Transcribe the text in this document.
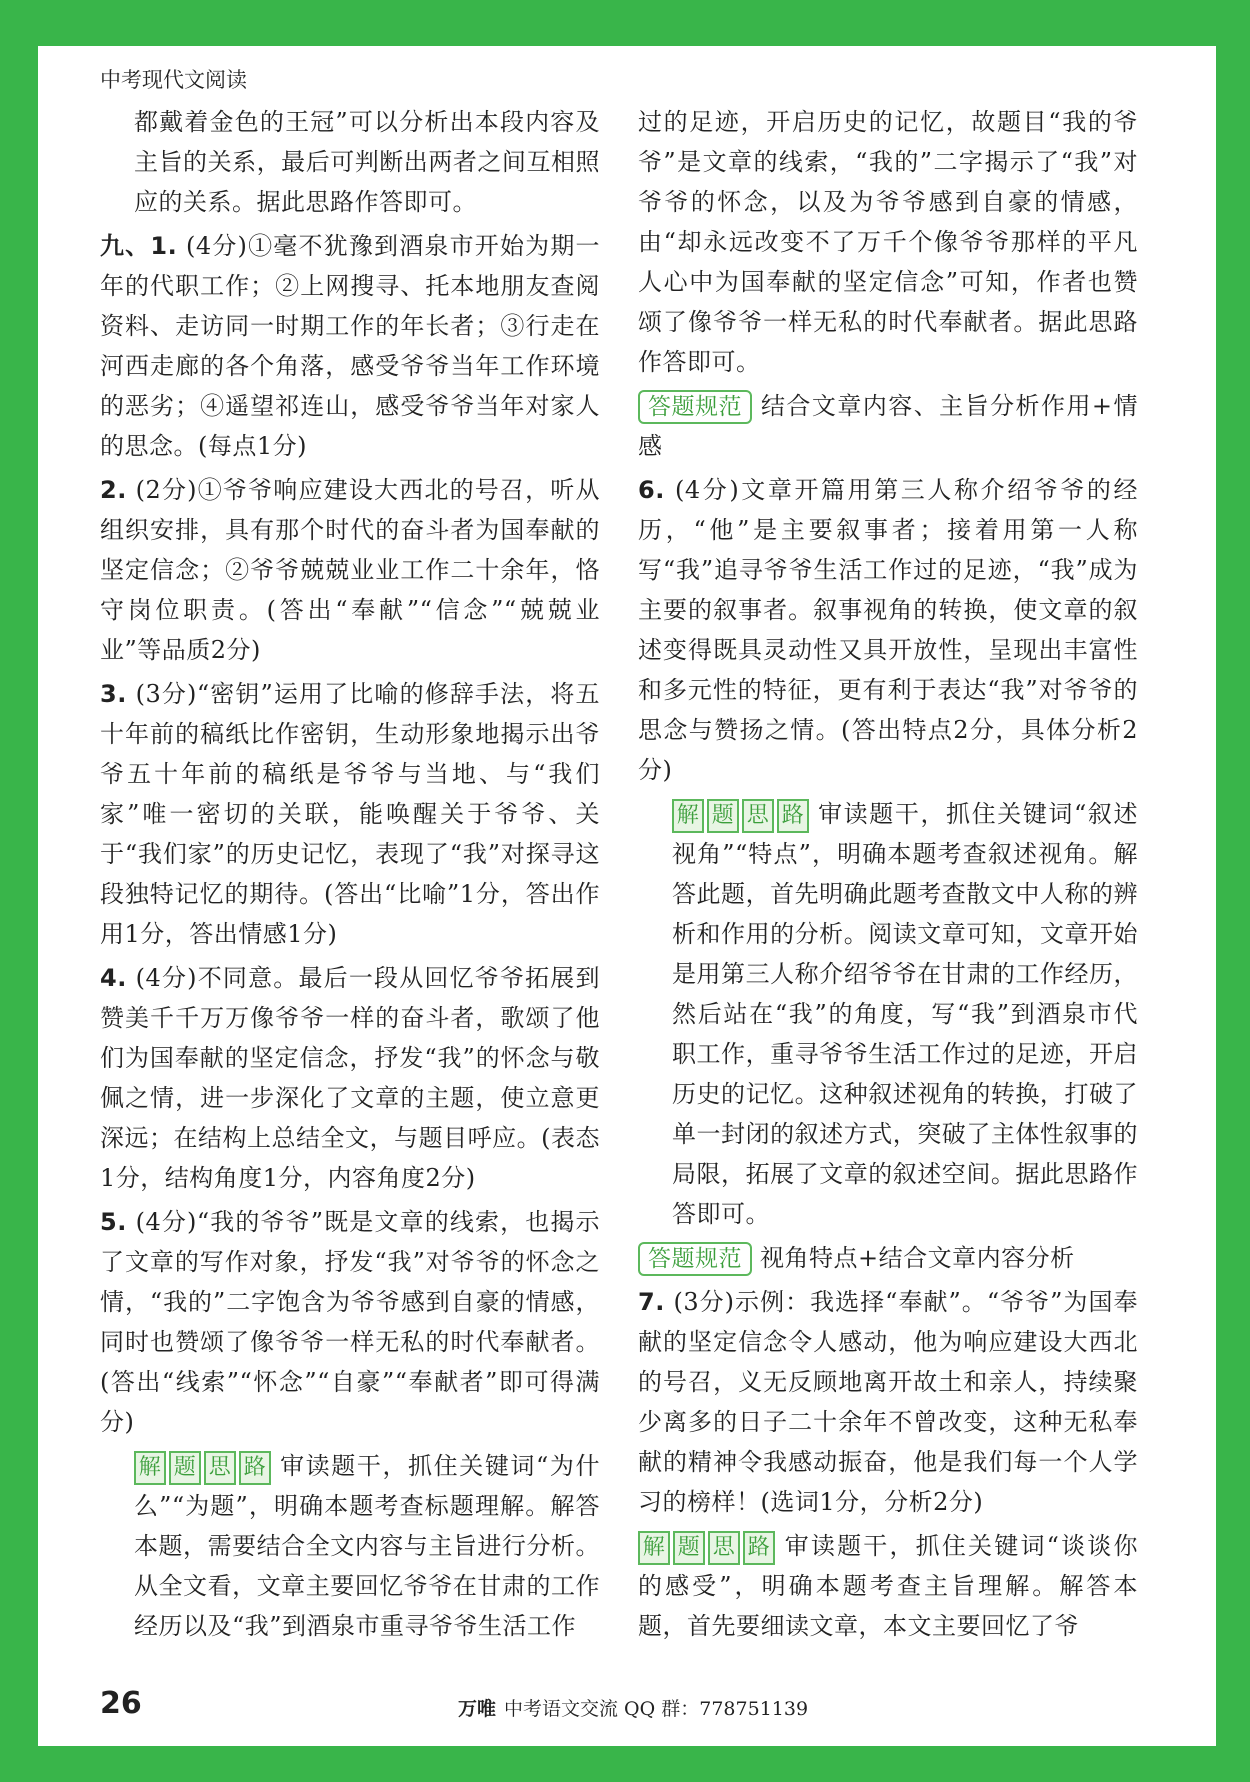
中考现代文阅读

都戴着金色的王冠”可以分析出本段内容及主旨的关系，最后可判断出两者之间互相照应的关系。据此思路作答即可。

九、1. (4分)①毫不犹豫到酒泉市开始为期一年的代职工作；②上网搜寻、托本地朋友查阅资料、走访同一时期工作的年长者；③行走在河西走廊的各个角落，感受爷爷当年工作环境的恶劣；④遥望祁连山，感受爷爷当年对家人的思念。(每点1分)

2. (2分)①爷爷响应建设大西北的号召，听从组织安排，具有那个时代的奋斗者为国奉献的坚定信念；②爷爷兢兢业业工作二十余年，恪守岗位职责。(答出“奉献”“信念”“兢兢业业”等品质2分)

3. (3分)“密钥”运用了比喻的修辞手法，将五十年前的稿纸比作密钥，生动形象地揭示出爷爷五十年前的稿纸是爷爷与当地、与“我们家”唯一密切的关联，能唤醒关于爷爷、关于“我们家”的历史记忆，表现了“我”对探寻这段独特记忆的期待。(答出“比喻”1分，答出作用1分，答出情感1分)

4. (4分)不同意。最后一段从回忆爷爷拓展到赞美千千万万像爷爷一样的奋斗者，歌颂了他们为国奉献的坚定信念，抒发“我”的怀念与敬佩之情，进一步深化了文章的主题，使立意更深远；在结构上总结全文，与题目呼应。(表态1分，结构角度1分，内容角度2分)

5. (4分)“我的爷爷”既是文章的线索，也揭示了文章的写作对象，抒发“我”对爷爷的怀念之情，“我的”二字饱含为爷爷感到自豪的情感，同时也赞颂了像爷爷一样无私的时代奉献者。(答出“线索”“怀念”“自豪”“奉献者”即可得满分)

解 题 思 路 审读题干，抓住关键词“为什么”“为题”，明确本题考查标题理解。解答本题，需要结合全文内容与主旨进行分析。从全文看，文章主要回忆爷爷在甘肃的工作经历以及“我”到酒泉市重寻爷爷生活工作

过的足迹，开启历史的记忆，故题目“我的爷爷”是文章的线索，“我的”二字揭示了“我”对爷爷的怀念，以及为爷爷感到自豪的情感，由“却永远改变不了万千个像爷爷那样的平凡人心中为国奉献的坚定信念”可知，作者也赞颂了像爷爷一样无私的时代奉献者。据此思路作答即可。

答题规范 结合文章内容、主旨分析作用+情感

6. (4分)文章开篇用第三人称介绍爷爷的经历，“他”是主要叙事者；接着用第一人称写“我”追寻爷爷生活工作过的足迹，“我”成为主要的叙事者。叙事视角的转换，使文章的叙述变得既具灵动性又具开放性，呈现出丰富性和多元性的特征，更有利于表达“我”对爷爷的思念与赞扬之情。(答出特点2分，具体分析2分)

解 题 思 路 审读题干，抓住关键词“叙述视角”“特点”，明确本题考查叙述视角。解答此题，首先明确此题考查散文中人称的辨析和作用的分析。阅读文章可知，文章开始是用第三人称介绍爷爷在甘肃的工作经历，然后站在“我”的角度，写“我”到酒泉市代职工作，重寻爷爷生活工作过的足迹，开启历史的记忆。这种叙述视角的转换，打破了单一封闭的叙述方式，突破了主体性叙事的局限，拓展了文章的叙述空间。据此思路作答即可。

答题规范 视角特点+结合文章内容分析

7. (3分)示例：我选择“奉献”。“爷爷”为国奉献的坚定信念令人感动，他为响应建设大西北的号召，义无反顾地离开故土和亲人，持续聚少离多的日子二十余年不曾改变，这种无私奉献的精神令我感动振奋，他是我们每一个人学习的榜样！(选词1分，分析2分)

解 题 思 路 审读题干，抓住关键词“谈谈你的感受”，明确本题考查主旨理解。解答本题，首先要细读文章，本文主要回忆了爷

26	万唯 中考语文交流 QQ 群：778751139
